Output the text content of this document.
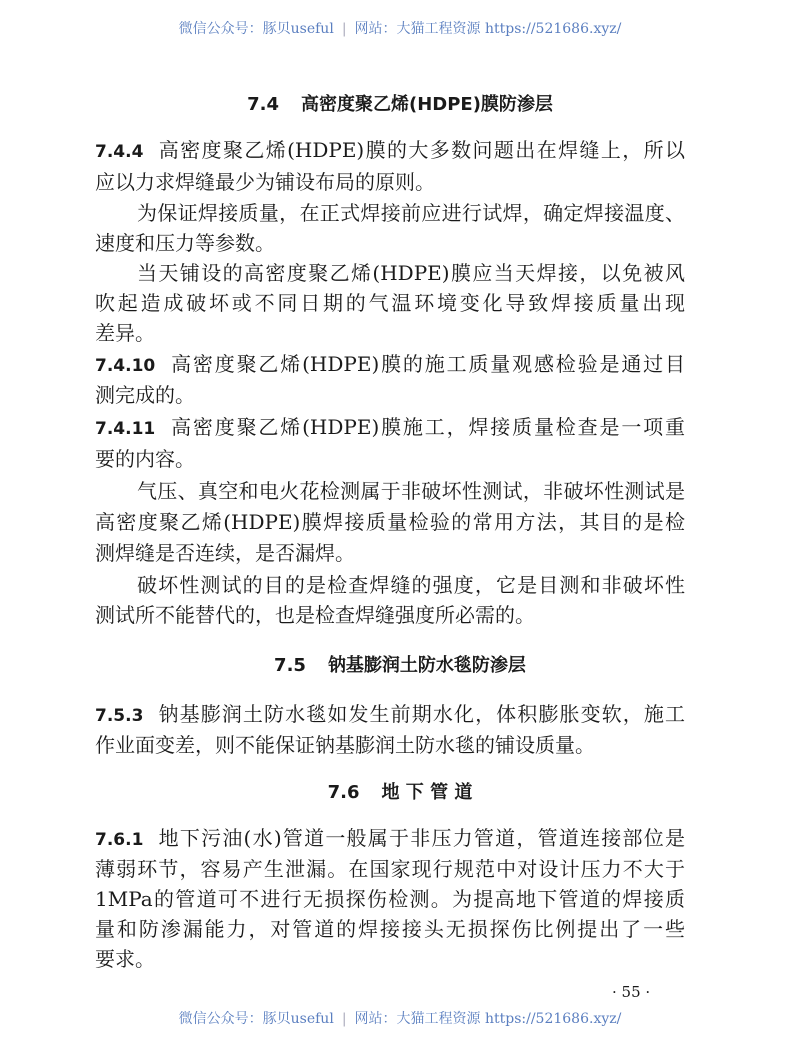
微信公众号：豚贝useful | 网站：大猫工程资源 https://521686.xyz/
7.4 高密度聚乙烯(HDPE)膜防渗层
7.4.4 高密度聚乙烯(HDPE)膜的大多数问题出在焊缝上，所以
应以力求焊缝最少为铺设布局的原则。
为保证焊接质量，在正式焊接前应进行试焊，确定焊接温度、
速度和压力等参数。
当天铺设的高密度聚乙烯(HDPE)膜应当天焊接，以免被风
吹起造成破坏或不同日期的气温环境变化导致焊接质量出现
差异。
7.4.10 高密度聚乙烯(HDPE)膜的施工质量观感检验是通过目
测完成的。
7.4.11 高密度聚乙烯(HDPE)膜施工，焊接质量检查是一项重
要的内容。
气压、真空和电火花检测属于非破坏性测试，非破坏性测试是
高密度聚乙烯(HDPE)膜焊接质量检验的常用方法，其目的是检
测焊缝是否连续，是否漏焊。
破坏性测试的目的是检查焊缝的强度，它是目测和非破坏性
测试所不能替代的，也是检查焊缝强度所必需的。
7.5 钠基膨润土防水毯防渗层
7.5.3 钠基膨润土防水毯如发生前期水化，体积膨胀变软，施工
作业面变差，则不能保证钠基膨润土防水毯的铺设质量。
7.6 地 下 管 道
7.6.1 地下污油(水)管道一般属于非压力管道，管道连接部位是
薄弱环节，容易产生泄漏。在国家现行规范中对设计压力不大于
1MPa的管道可不进行无损探伤检测。为提高地下管道的焊接质
量和防渗漏能力，对管道的焊接接头无损探伤比例提出了一些
要求。
· 55 ·
微信公众号：豚贝useful | 网站：大猫工程资源 https://521686.xyz/
